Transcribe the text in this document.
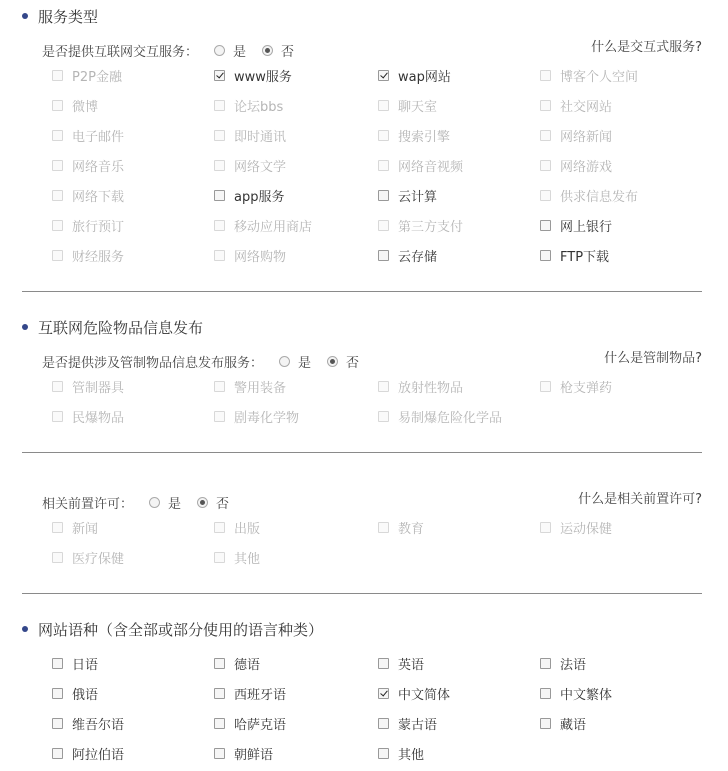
服务类型
是否提供互联网交互服务：	是	否	什么是交互式服务?
P2P金融	www服务	wap网站	博客个人空间
微博	论坛bbs	聊天室	社交网站
电子邮件	即时通讯	搜索引擎	网络新闻
网络音乐	网络文学	网络音视频	网络游戏
网络下载	app服务	云计算	供求信息发布
旅行预订	移动应用商店	第三方支付	网上银行
财经服务	网络购物	云存储	FTP下载
互联网危险物品信息发布
是否提供涉及管制物品信息发布服务：	是	否	什么是管制物品?
管制器具	警用装备	放射性物品	枪支弹药
民爆物品	剧毒化学物	易制爆危险化学品
相关前置许可：	是	否	什么是相关前置许可?
新闻	出版	教育	运动保健
医疗保健	其他
网站语种（含全部或部分使用的语言种类）
日语	德语	英语	法语
俄语	西班牙语	中文简体	中文繁体
维吾尔语	哈萨克语	蒙古语	藏语
阿拉伯语	朝鲜语	其他
